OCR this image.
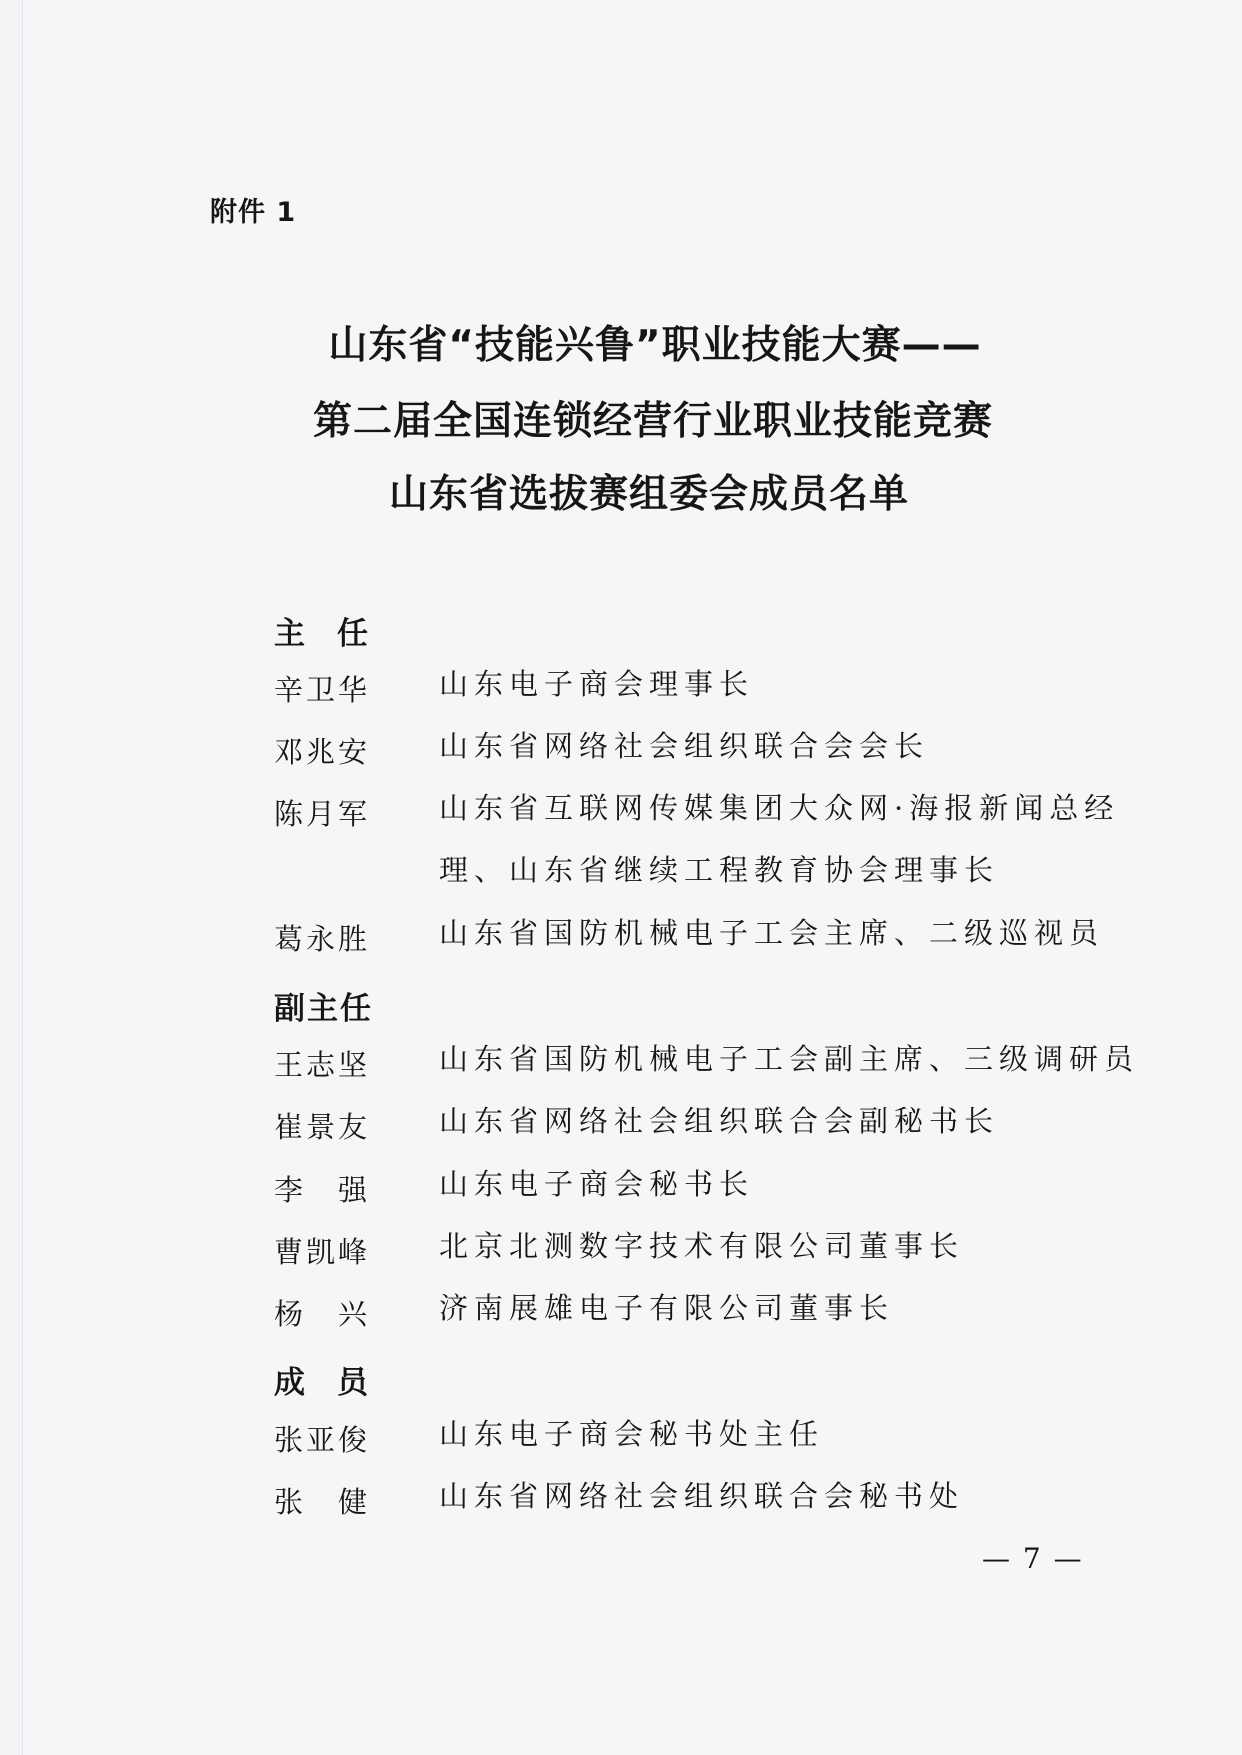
附件 1
山东省“技能兴鲁”职业技能大赛——
第二届全国连锁经营行业职业技能竞赛
山东省选拔赛组委会成员名单
主 任
辛卫华 山东电子商会理事长
邓兆安 山东省网络社会组织联合会会长
陈月军 山东省互联网传媒集团大众网·海报新闻总经理、山东省继续工程教育协会理事长
葛永胜 山东省国防机械电子工会主席、二级巡视员
副主任
王志坚 山东省国防机械电子工会副主席、三级调研员
崔景友 山东省网络社会组织联合会副秘书长
李 强 山东电子商会秘书长
曹凯峰 北京北测数字技术有限公司董事长
杨 兴 济南展雄电子有限公司董事长
成 员
张亚俊 山东电子商会秘书处主任
张 健 山东省网络社会组织联合会秘书处
— 7 —
